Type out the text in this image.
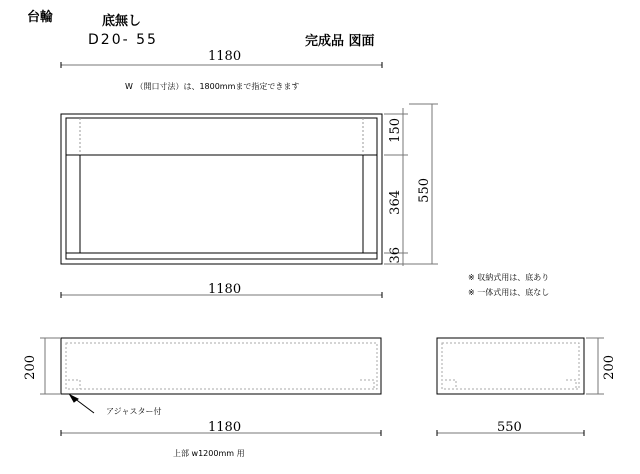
台輪	底無し
D20- 55	完成品 図面
1180
W （開口寸法）は、1800mmまで指定できます
1180
150
364
36
550
※ 収納式用は、底あり
※ 一体式用は、底なし
200
アジャスター付
1180
上部 w1200mm 用
200
550
